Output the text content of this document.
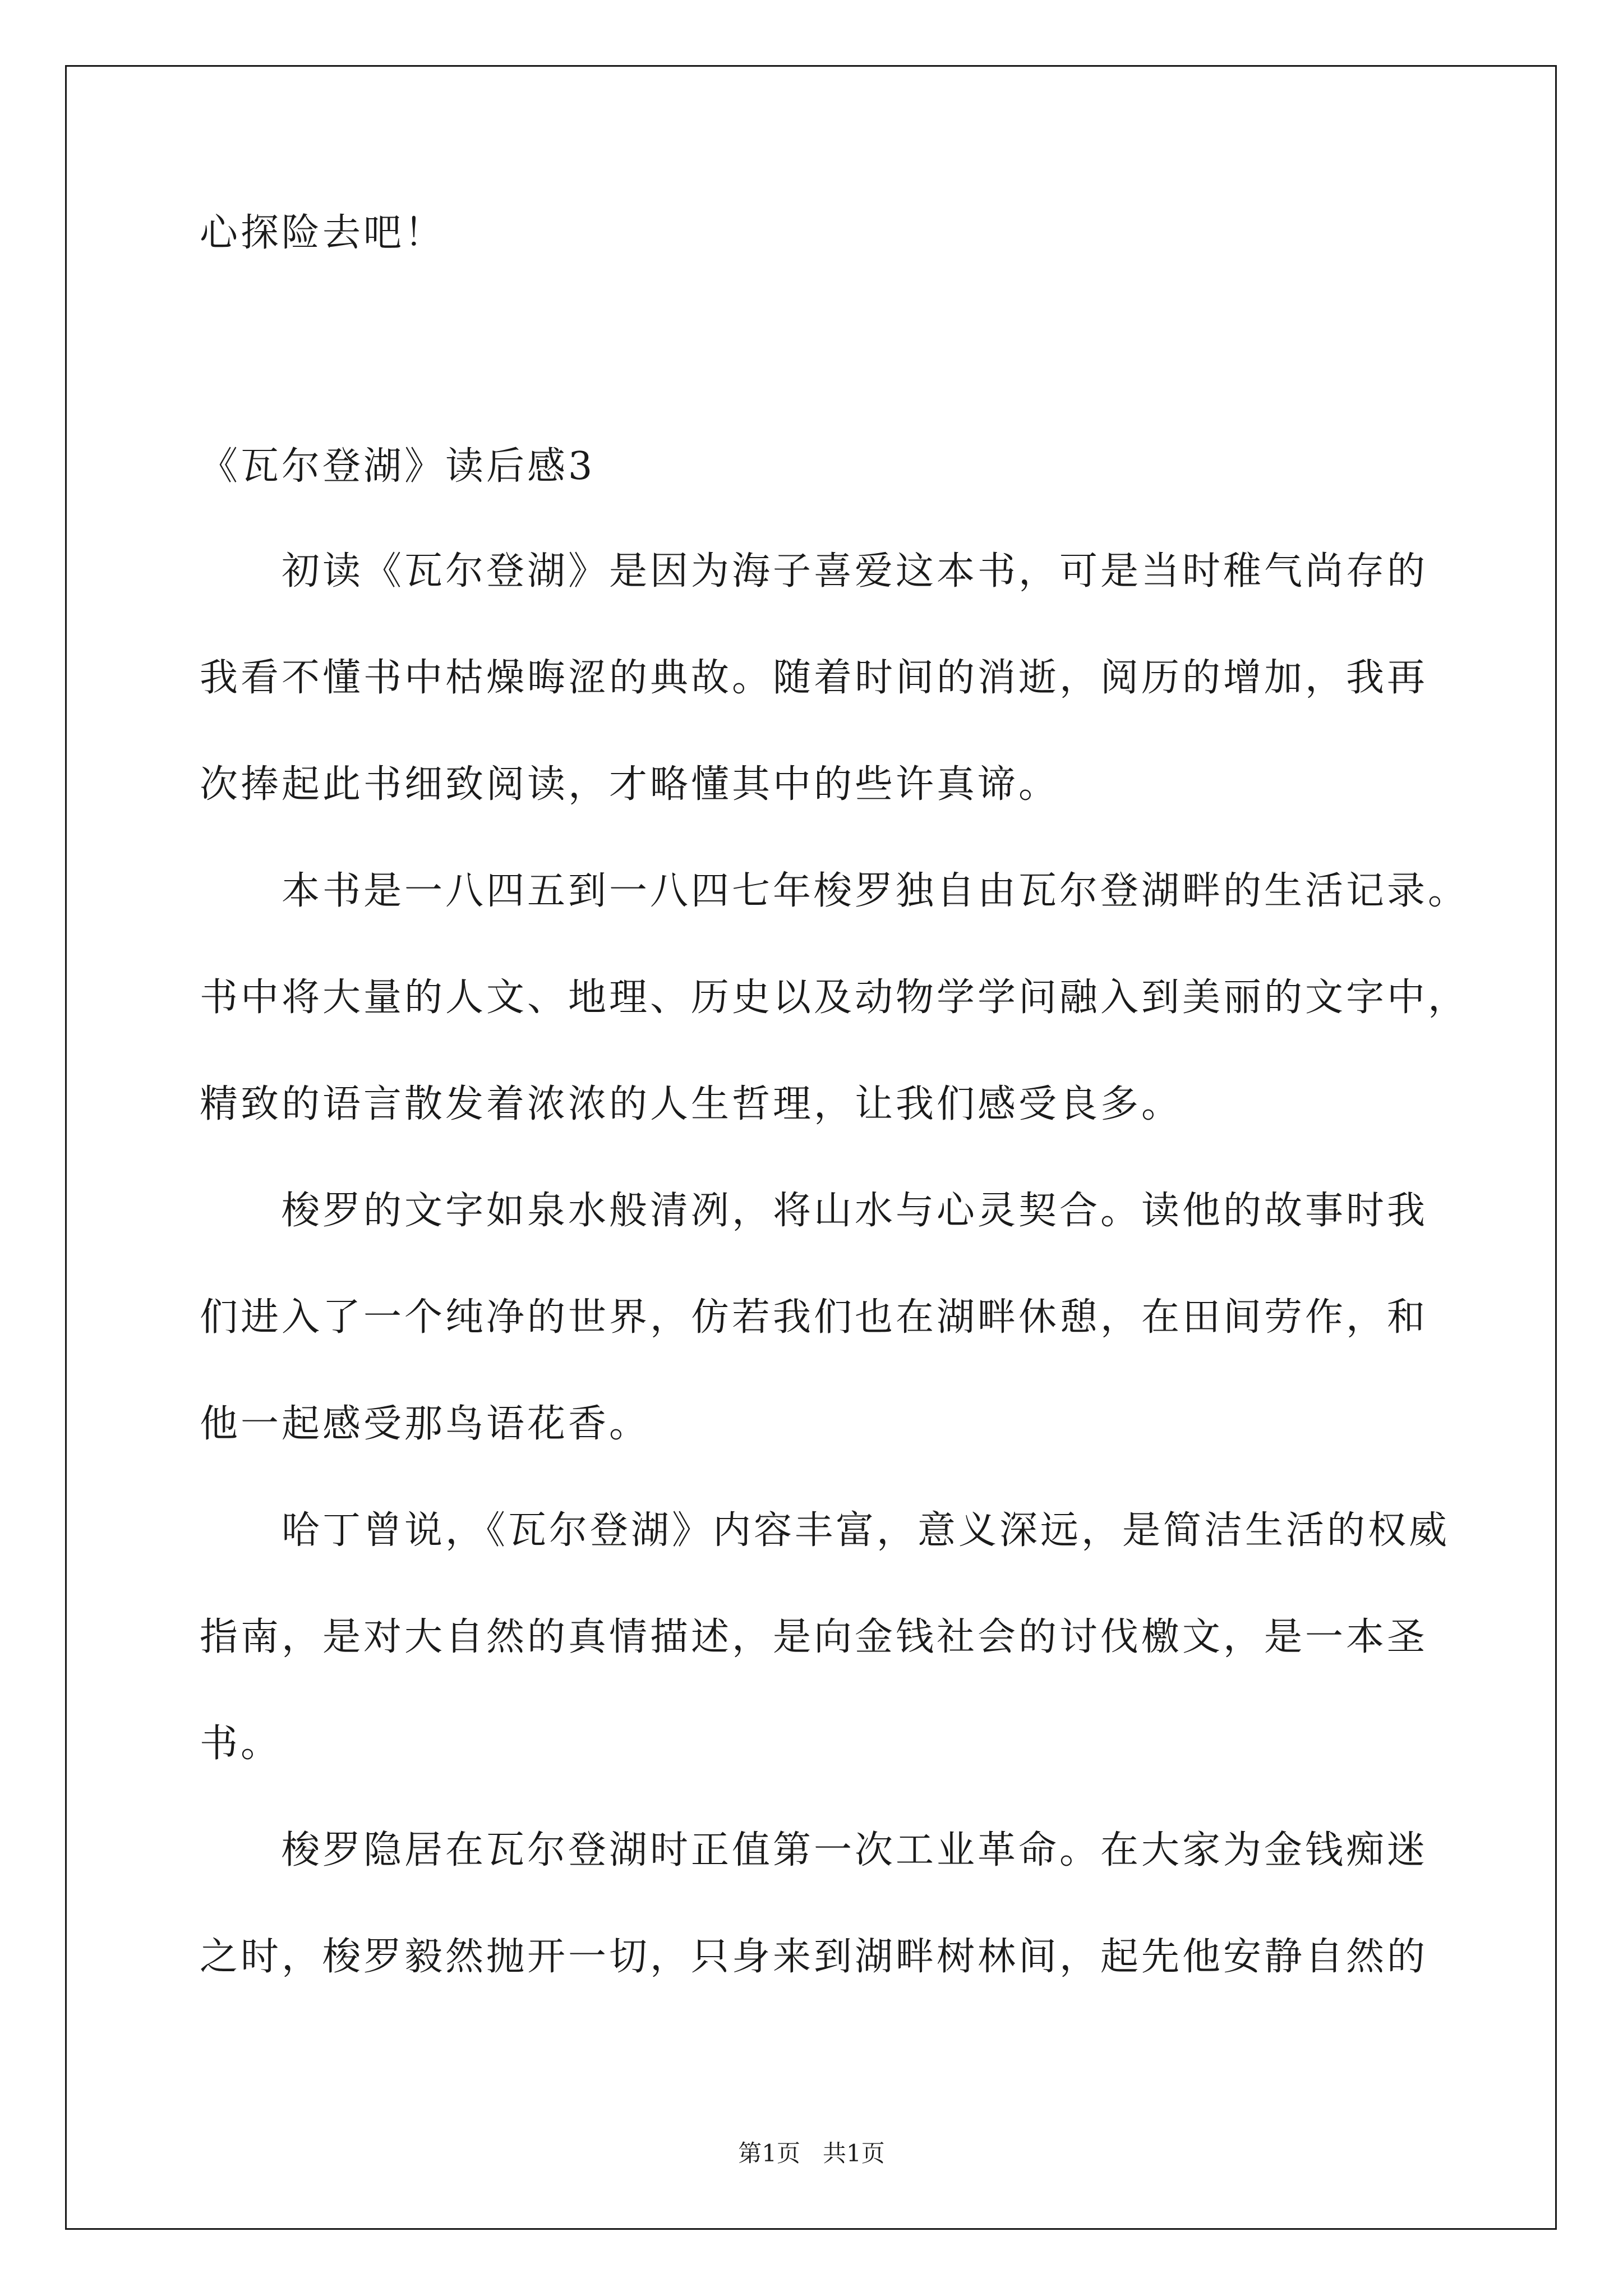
心探险去吧！
《瓦尔登湖》读后感3
初读《瓦尔登湖》是因为海子喜爱这本书，可是当时稚气尚存的
我看不懂书中枯燥晦涩的典故。随着时间的消逝，阅历的增加，我再
次捧起此书细致阅读，才略懂其中的些许真谛。
本书是一八四五到一八四七年梭罗独自由瓦尔登湖畔的生活记录。
书中将大量的人文、地理、历史以及动物学学问融入到美丽的文字中，
精致的语言散发着浓浓的人生哲理，让我们感受良多。
梭罗的文字如泉水般清冽，将山水与心灵契合。读他的故事时我
们进入了一个纯净的世界，仿若我们也在湖畔休憩，在田间劳作，和
他一起感受那鸟语花香。
哈丁曾说，《瓦尔登湖》内容丰富，意义深远，是简洁生活的权威
指南，是对大自然的真情描述，是向金钱社会的讨伐檄文，是一本圣
书。
梭罗隐居在瓦尔登湖时正值第一次工业革命。在大家为金钱痴迷
之时，梭罗毅然抛开一切，只身来到湖畔树林间，起先他安静自然的
第1页   共1页
